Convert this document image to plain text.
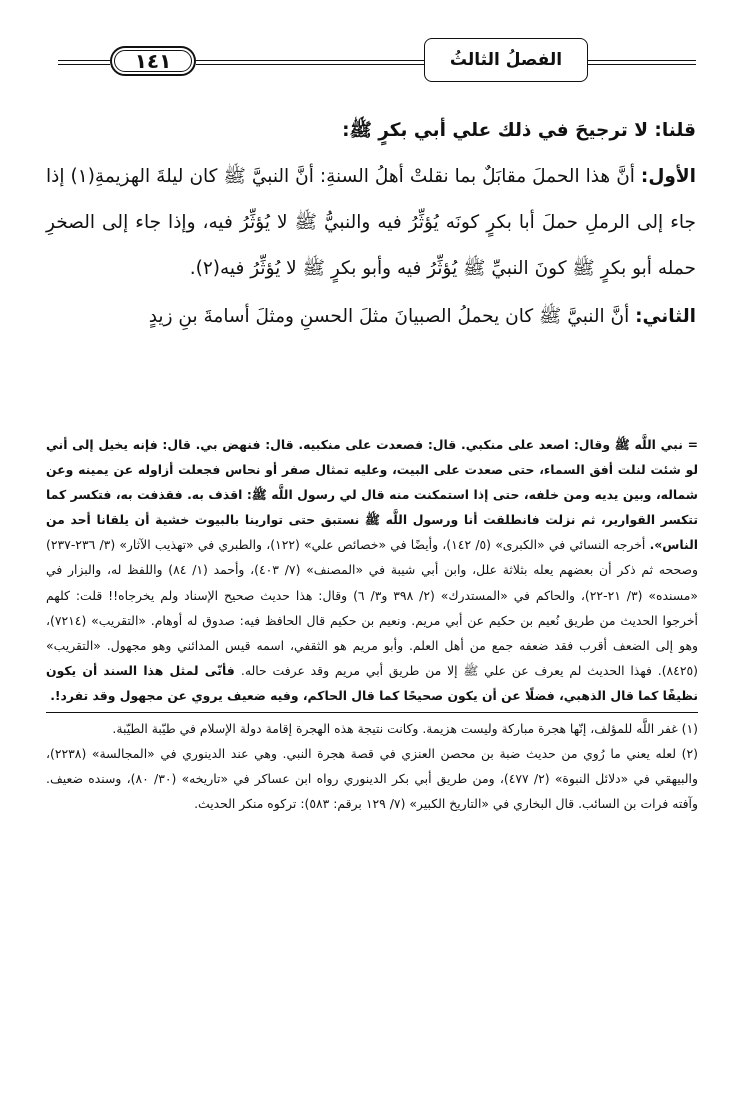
الفصلُ الثالثُ
١٤١

قلنا: لا ترجيحَ في ذلك علي أبي بكرٍ ﷺ:

الأول: أنَّ هذا الحملَ مقابَلٌ بما نقلتْ أهلُ السنةِ: أنَّ النبيَّ ﷺ كان ليلةَ الهزيمةِ(١) إذا جاء إلى الرملِ حملَ أبا بكرٍ كونَه يُؤثِّرُ فيه والنبيُّ ﷺ لا يُؤثِّرُ فيه، وإذا جاء إلى الصخرِ حمله أبو بكرٍ ﷺ كونَ النبيِّ ﷺ يُؤثِّرُ فيه وأبو بكرٍ ﷺ لا يُؤثِّرُ فيه(٢).

الثاني: أنَّ النبيَّ ﷺ كان يحملُ الصبيانَ مثلَ الحسنِ ومثلَ أسامةَ بنِ زيدٍ

= نبي اللَّه ﷺ وقال: اصعد على منكبي. قال: فصعدت على منكبيه. قال: فنهض بي. قال: فإنه يخيل إلى أني لو شئت لنلت أفق السماء، حتى صعدت على البيت، وعليه تمثال صفر أو نحاس فجعلت أزاوله عن يمينه وعن شماله، وبين يديه ومن خلفه، حتى إذا استمكنت منه قال لي رسول اللَّه ﷺ: اقذف به. فقذفت به، فتكسر كما تتكسر القوارير، ثم نزلت فانطلقت أنا ورسول اللَّه ﷺ نستبق حتى توارينا بالبيوت خشية أن يلقانا أحد من الناس». أخرجه النسائي في «الكبرى» (٥/ ١٤٢)، وأيضًا في «خصائص علي» (١٢٢)، والطبري في «تهذيب الآثار» (٣/ ٢٣٦-٢٣٧) وصححه ثم ذكر أن بعضهم يعله بثلاثة علل، وابن أبي شيبة في «المصنف» (٧/ ٤٠٣)، وأحمد (١/ ٨٤) واللفظ له، والبزار في «مسنده» (٣/ ٢١-٢٢)، والحاكم في «المستدرك» (٢/ ٣٩٨ و٣/ ٦) وقال: هذا حديث صحيح الإسناد ولم يخرجاه!! قلت: كلهم أخرجوا الحديث من طريق نُعيم بن حكيم عن أبي مريم. ونعيم بن حكيم قال الحافظ فيه: صدوق له أوهام. «التقريب» (٧٢١٤)، وهو إلى الضعف أقرب فقد ضعفه جمع من أهل العلم. وأبو مريم هو الثقفي، اسمه قيس المدائني وهو مجهول. «التقريب» (٨٤٢٥). فهذا الحديث لم يعرف عن علي ﷺ إلا من طريق أبي مريم وقد عرفت حاله. فأنّى لمثل هذا السند أن يكون نظيفًا كما قال الذهبي، فضلًا عن أن يكون صحيحًا كما قال الحاكم، وفيه ضعيف يروي عن مجهول وقد تفرد!.

(١) غفر اللَّه للمؤلف، إنّها هجرة مباركة وليست هزيمة. وكانت نتيجة هذه الهجرة إقامة دولة الإسلام في طيّبة الطيّبة.

(٢) لعله يعني ما رُوي من حديث ضبة بن محصن العنزي في قصة هجرة النبي. وهي عند الدينوري في «المجالسة» (٢٢٣٨)، والبيهقي في «دلائل النبوة» (٢/ ٤٧٧)، ومن طريق أبي بكر الدينوري رواه ابن عساكر في «تاريخه» (٣٠/ ٨٠)، وسنده ضعيف. وآفته فرات بن السائب. قال البخاري في «التاريخ الكبير» (٧/ ١٢٩ برقم: ٥٨٣): تركوه منكر الحديث.
